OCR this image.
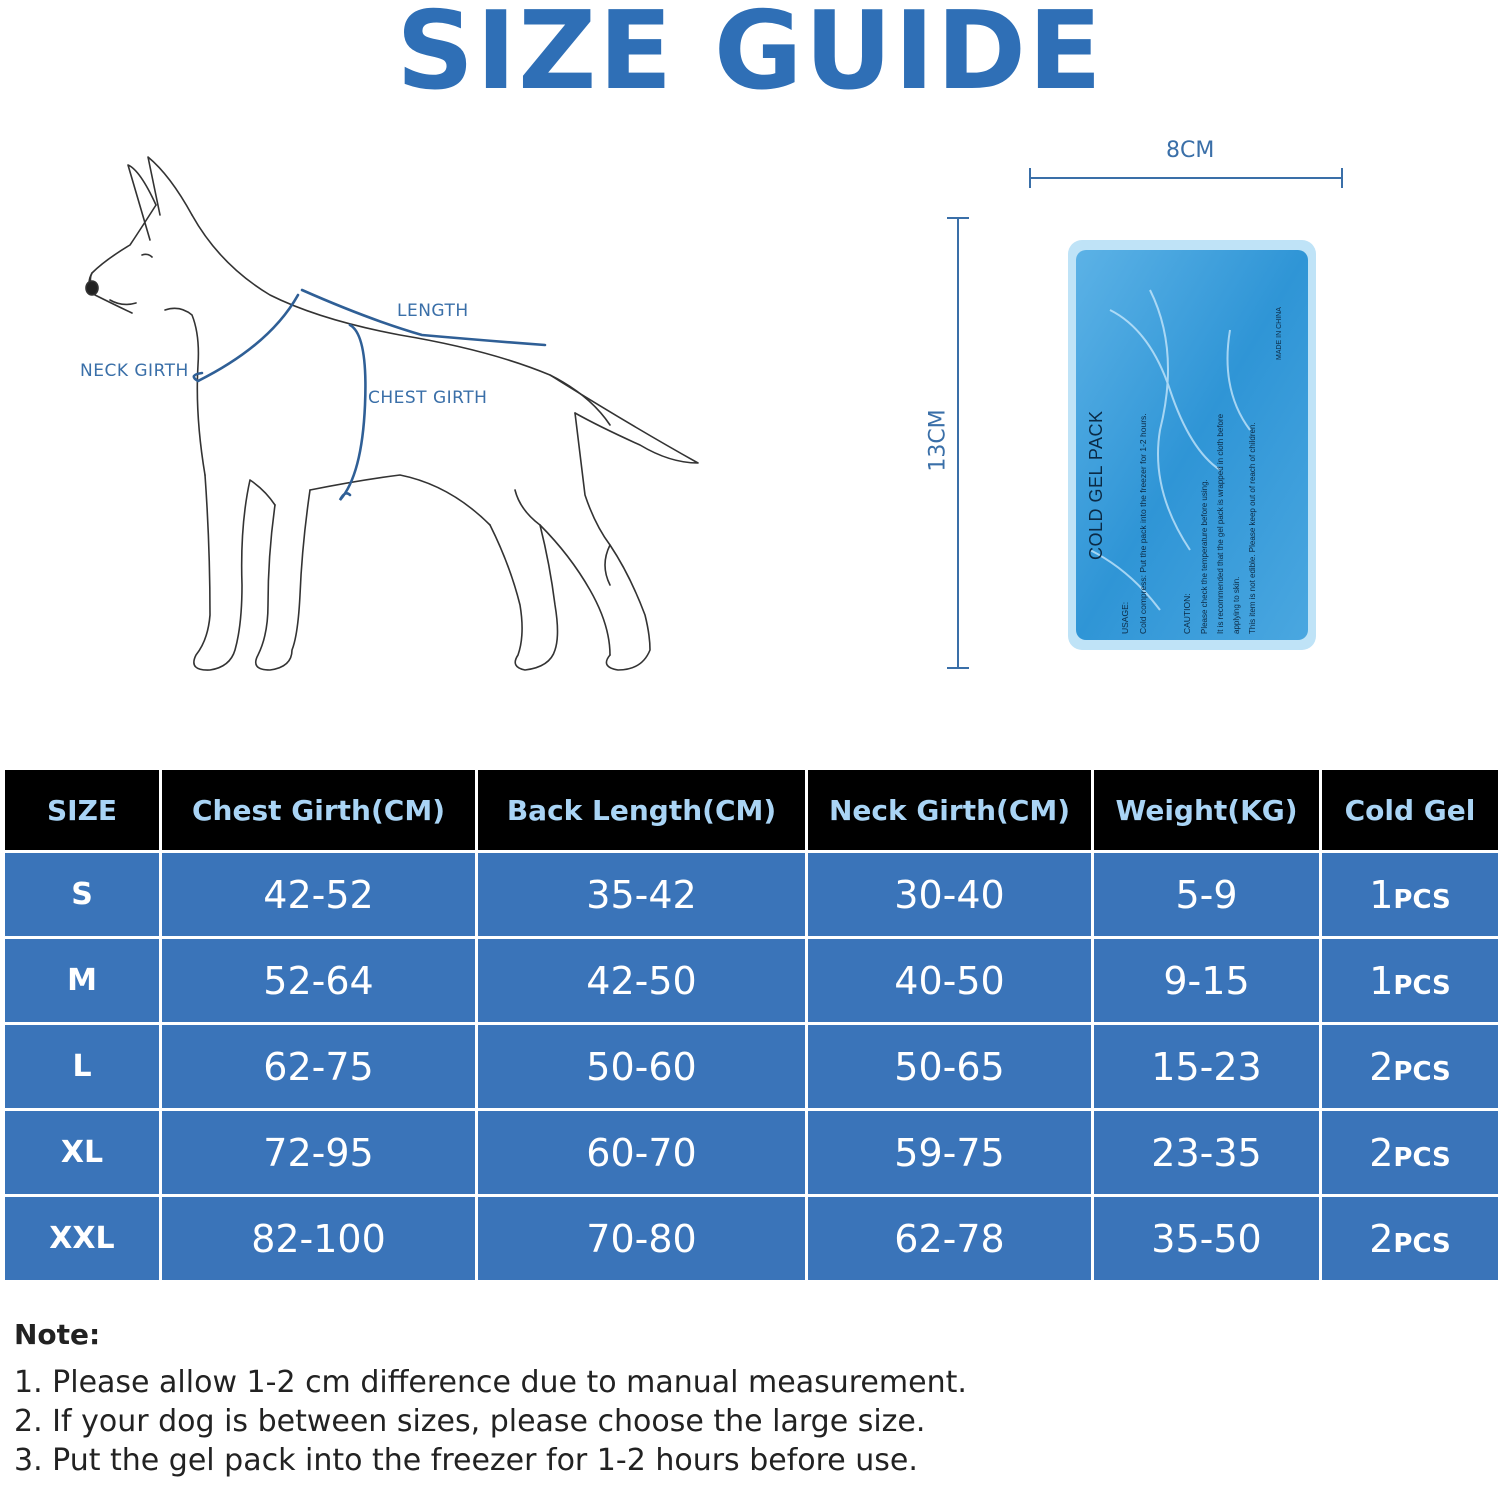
SIZE GUIDE
LENGTH
NECK GIRTH
CHEST GIRTH
8CM
13CM	COLD GEL PACK
USAGE: Cold compress: Put the pack into the freezer for 1-2 hours.	CAUTION: Please check the temperature before using. It is recommended that the gel pack is wrapped in cloth before applying to skin. This item is not edible. Please keep out of reach of children.
MADE IN CHINA
SIZE	Chest Girth(CM)	Back Length(CM)	Neck Girth(CM)	Weight(KG)	Cold Gel
S	42-52	35-42	30-40	5-9	1PCS
M	52-64	42-50	40-50	9-15	1PCS
L	62-75	50-60	50-65	15-23	2PCS
XL	72-95	60-70	59-75	23-35	2PCS
XXL	82-100	70-80	62-78	35-50	2PCS

Note:

1. Please allow 1-2 cm difference due to manual measurement.

2. If your dog is between sizes, please choose the large size.

3. Put the gel pack into the freezer for 1-2 hours before use.
